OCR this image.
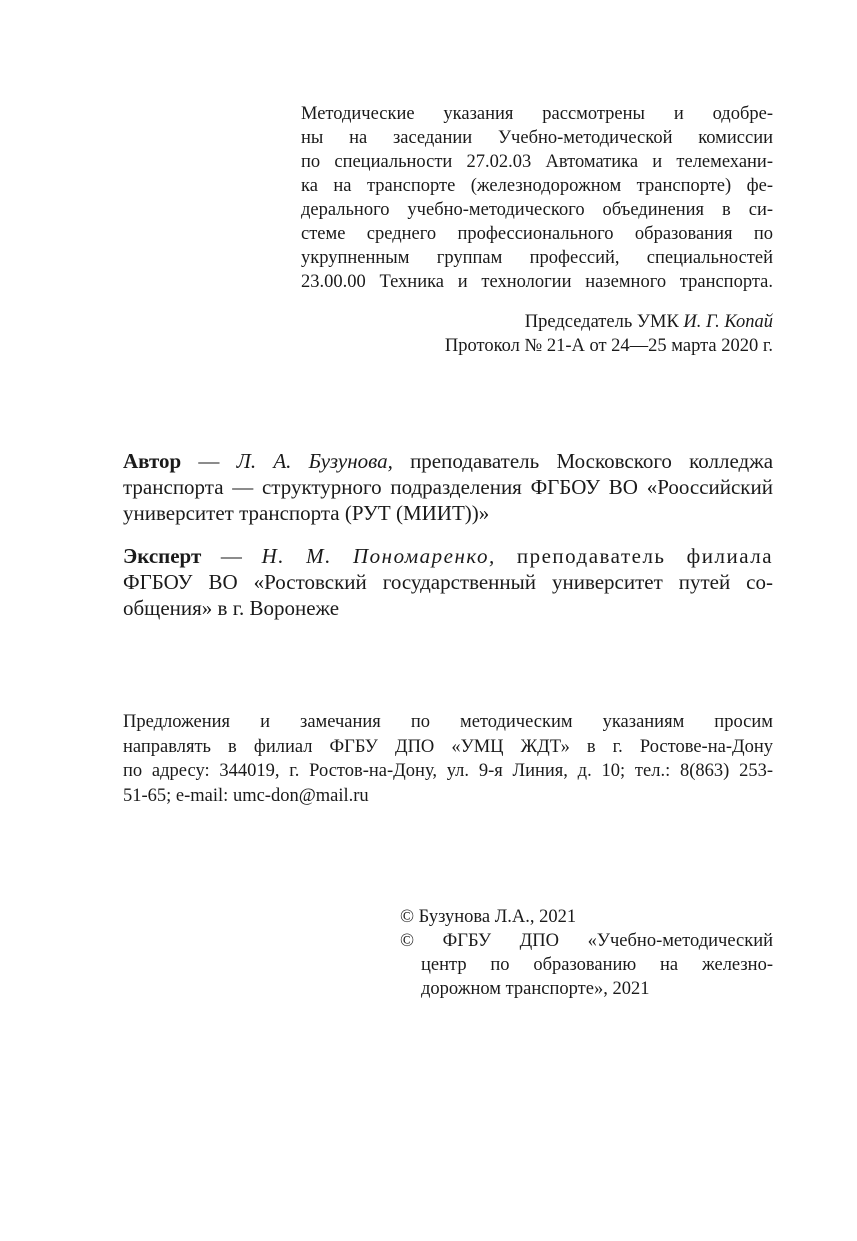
Методические указания рассмотрены и одобре-
ны на заседании Учебно-методической комиссии
по специальности 27.02.03 Автоматика и телемехани-
ка на транспорте (железнодорожном транспорте) фе-
дерального учебно-методического объединения в си-
стеме среднего профессионального образования по
укрупненным группам профессий, специальностей
23.00.00 Техника и технологии наземного транспорта.
Председатель УМК И. Г. Копай
Протокол № 21-А от 24—25 марта 2020 г.
Автор — Л. А. Бузунова, преподаватель Московского колледжа
транспорта — структурного подразделения ФГБОУ ВО «Рооссийский
университет транспорта (РУТ (МИИТ))»
Эксперт — Н. М. Пономаренко, преподаватель филиала
ФГБОУ ВО «Ростовский государственный университет путей со-
общения» в г. Воронеже
Предложения и замечания по методическим указаниям просим
направлять в филиал ФГБУ ДПО «УМЦ ЖДТ» в г. Ростове-на-Дону
по адресу: 344019, г. Ростов-на-Дону, ул. 9-я Линия, д. 10; тел.: 8(863) 253-
51-65; e-mail: umc-don@mail.ru
© Бузунова Л.А., 2021
© ФГБУ ДПО «Учебно-методический
центр по образованию на железно-
дорожном транспорте», 2021
